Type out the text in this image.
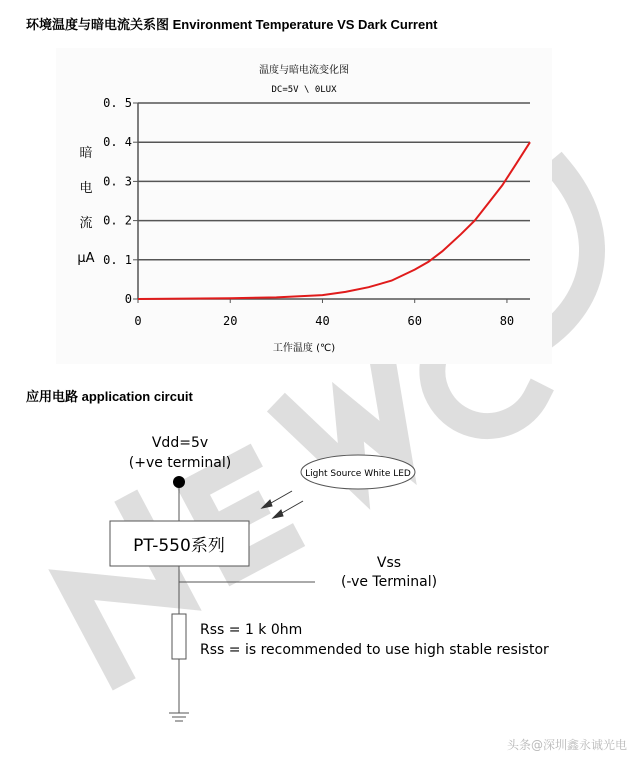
环境温度与暗电流关系图 Environment Temperature VS Dark Current
温度与暗电流变化图
DC=5V \ 0LUX
工作温度 (℃)
暗
电
流
μA
0
0. 1
0. 2
0. 3
0. 4
0. 5
0	20	40	60	80
应用电路 application circuit
Vdd=5v
(+ve terminal)
PT-550系列
Vss
(-ve Terminal)
Rss = 1 k 0hm
Rss = is recommended to use high stable resistor
Light Source White LED
头条@深圳鑫永诚光电
